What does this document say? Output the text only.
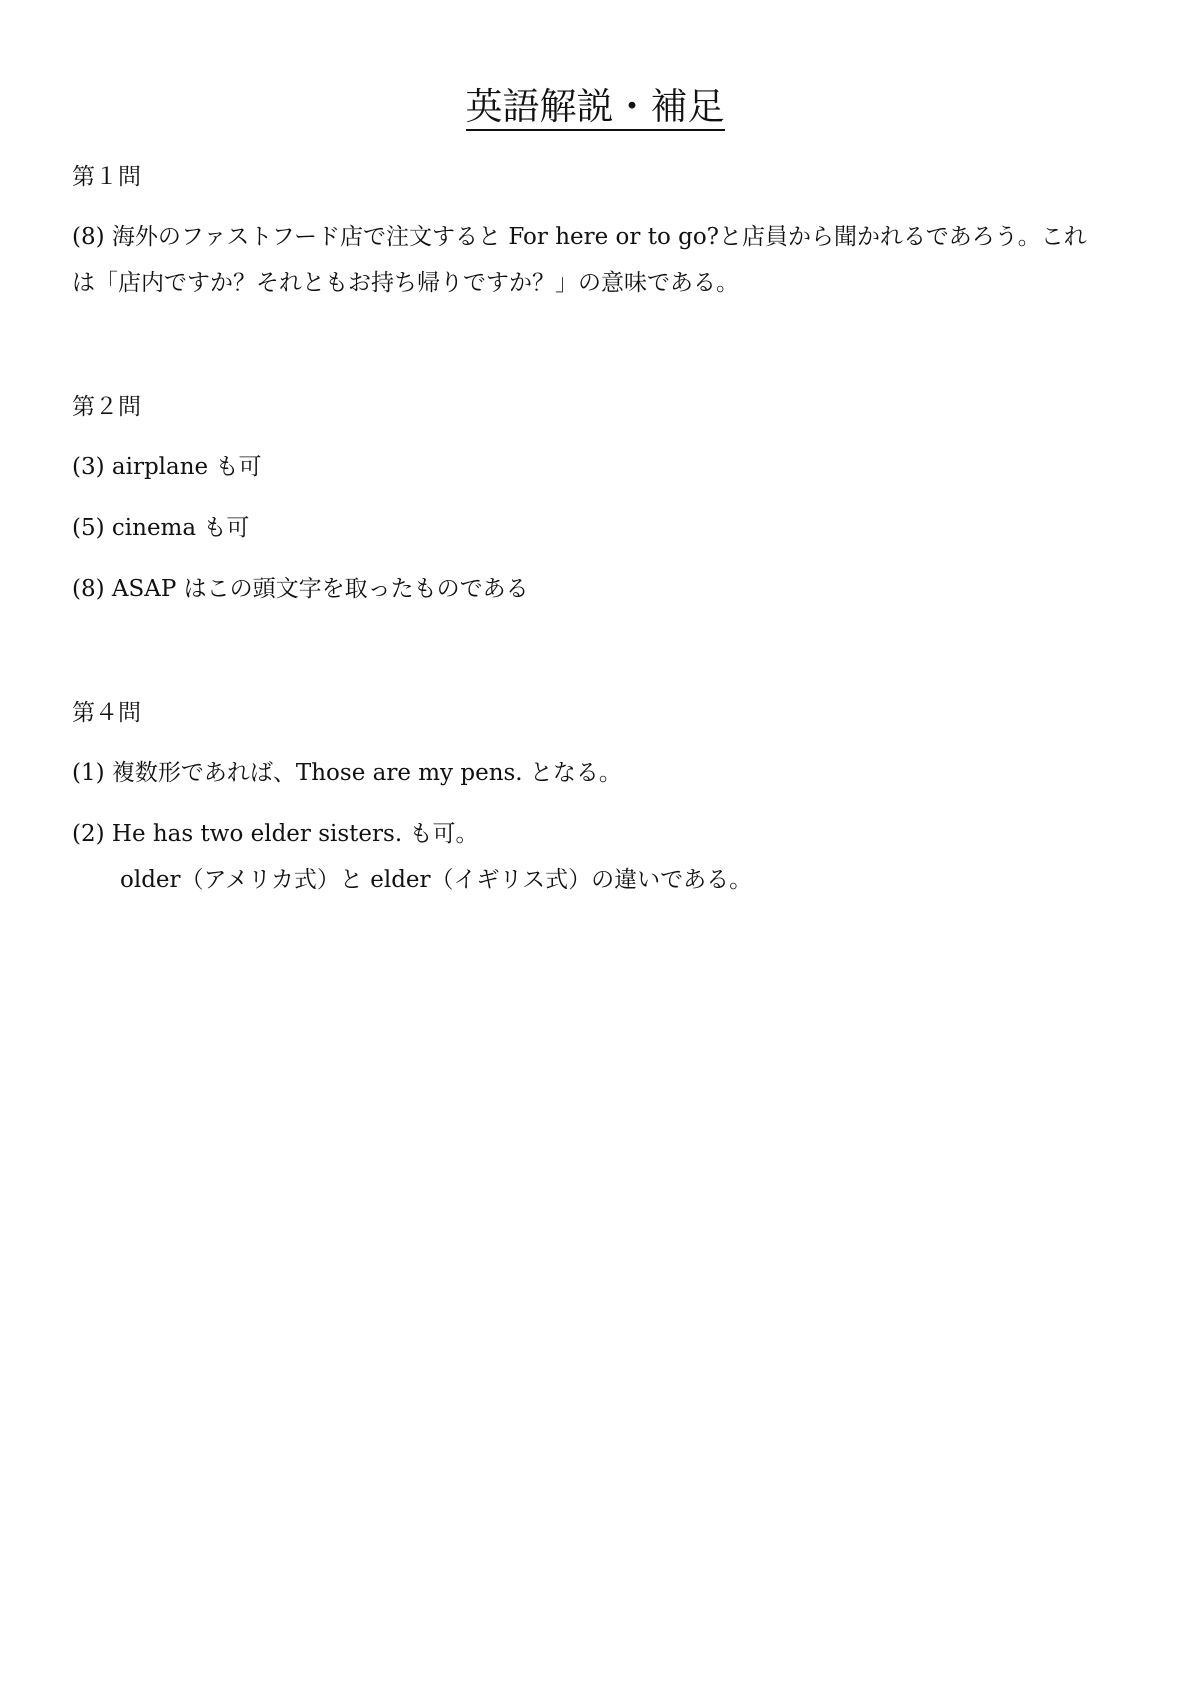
英語解説・補足

第１問

(8) 海外のファストフード店で注文すると For here or to go?と店員から聞かれるであろう。これ

は「店内ですか？それともお持ち帰りですか？」の意味である。

第２問

(3) airplane も可

(5) cinema も可

(8) ASAP はこの頭文字を取ったものである

第４問

(1) 複数形であれば、Those are my pens. となる。

(2) He has two elder sisters. も可。

older（アメリカ式）と elder（イギリス式）の違いである。
